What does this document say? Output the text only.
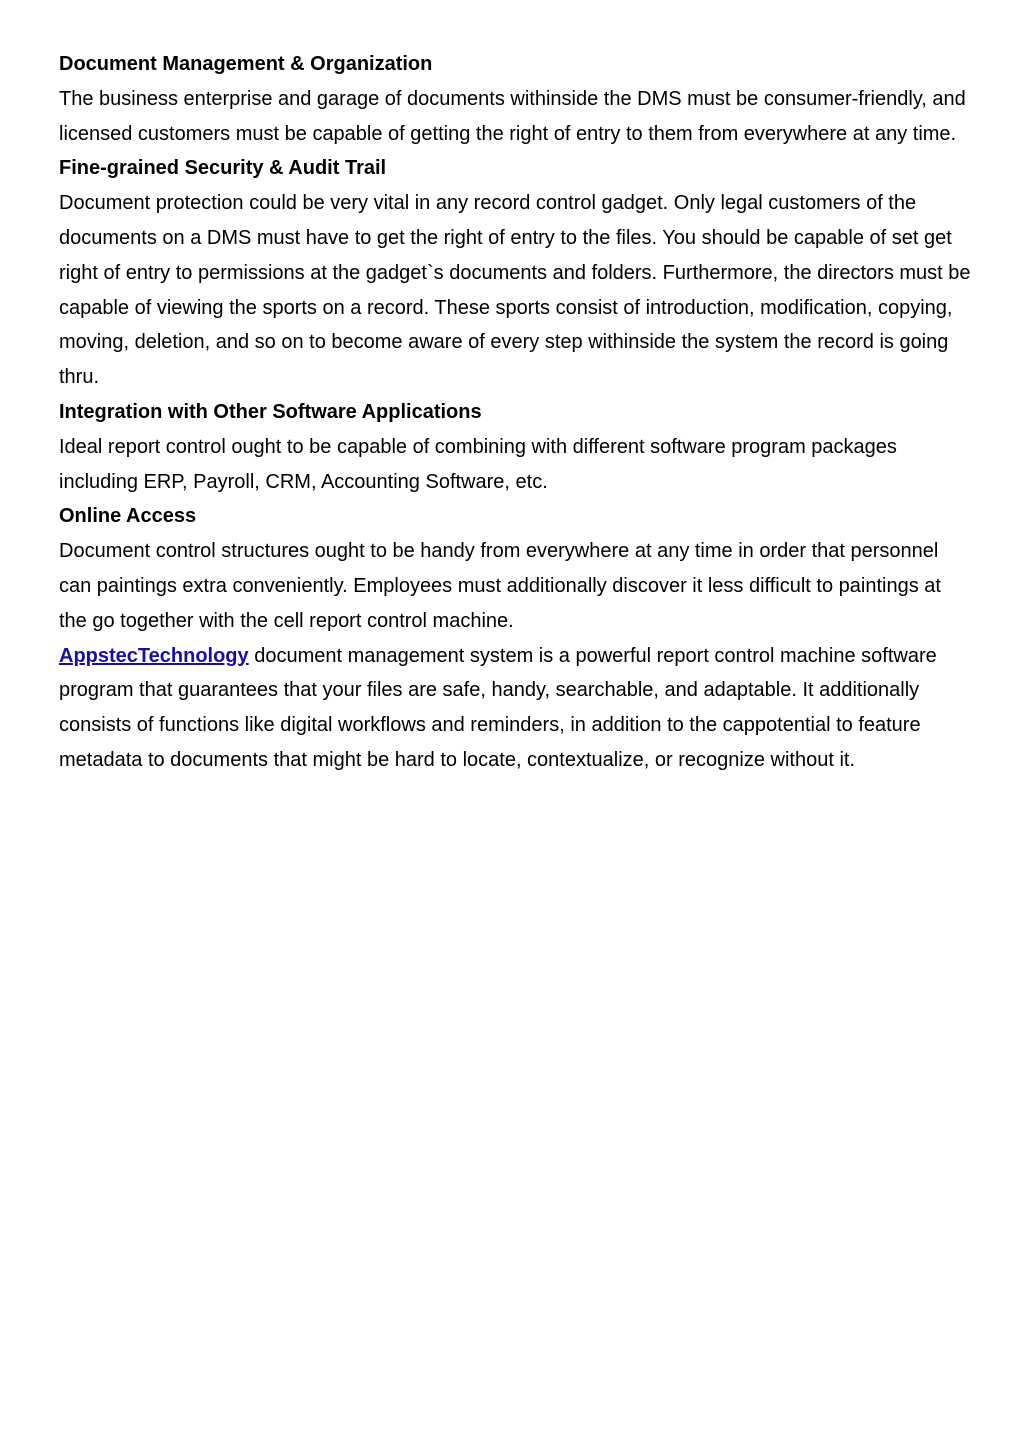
Document Management & Organization

The business enterprise and garage of documents withinside the DMS must be consumer-friendly, and licensed customers must be capable of getting the right of entry to them from everywhere at any time.

Fine-grained Security & Audit Trail

Document protection could be very vital in any record control gadget. Only legal customers of the documents on a DMS must have to get the right of entry to the files. You should be capable of set get right of entry to permissions at the gadget`s documents and folders. Furthermore, the directors must be capable of viewing the sports on a record. These sports consist of introduction, modification, copying, moving, deletion, and so on to become aware of every step withinside the system the record is going thru.

Integration with Other Software Applications

Ideal report control ought to be capable of combining with different software program packages including ERP, Payroll, CRM, Accounting Software, etc.

Online Access

Document control structures ought to be handy from everywhere at any time in order that personnel can paintings extra conveniently. Employees must additionally discover it less difficult to paintings at the go together with the cell report control machine.

AppstecTechnology document management system is a powerful report control machine software program that guarantees that your files are safe, handy, searchable, and adaptable. It additionally consists of functions like digital workflows and reminders, in addition to the cappotential to feature metadata to documents that might be hard to locate, contextualize, or recognize without it.
